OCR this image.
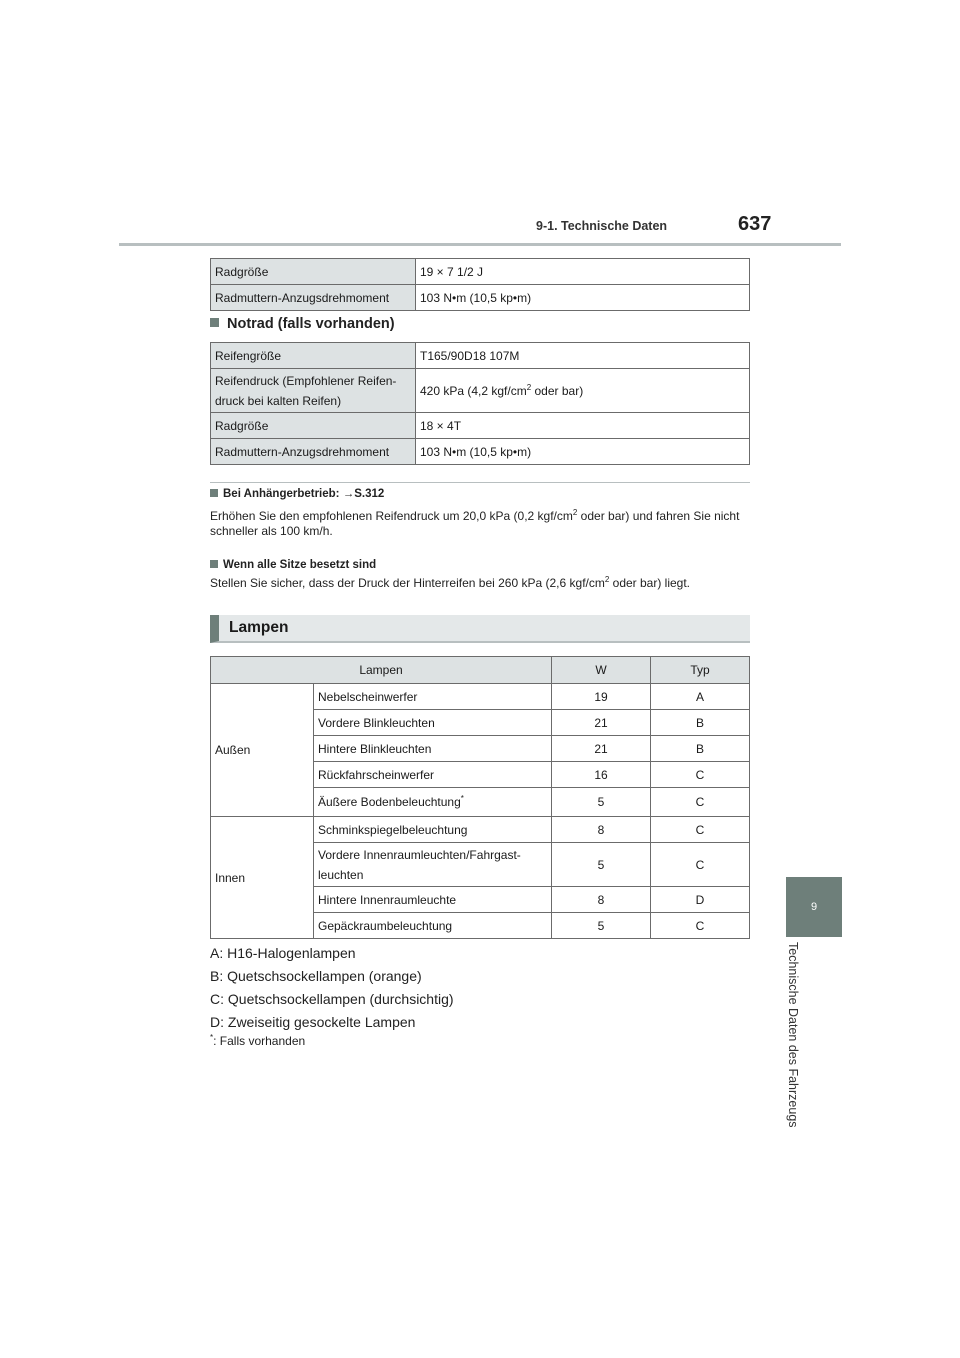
9-1. Technische Daten	637
9
Technische Daten des Fahrzeugs
Radgröße	19 × 7 1/2 J
Radmuttern-Anzugsdrehmoment	103 N•m (10,5 kp•m)
Notrad (falls vorhanden)
Reifengröße	T165/90D18 107M

Reifendruck (Empfohlener Reifen-
druck bei kalten Reifen)	420 kPa (4,2 kgf/$cm^2$ oder bar)
Radgröße	18 × 4T
Radmuttern-Anzugsdrehmoment	103 N•m (10,5 kp•m)
Bei Anhängerbetrieb: →S.312
Erhöhen Sie den empfohlenen Reifendruck um 20,0 kPa (0,2 kgf/$cm^2$ oder bar) und fahren Sie nicht schneller als 100 km/h.
Wenn alle Sitze besetzt sind
Stellen Sie sicher, dass der Druck der Hinterreifen bei 260 kPa (2,6 kgf/$cm^2$ oder bar) liegt.
Lampen
Lampen		W	Typ
Außen	Nebelscheinwerfer	19	A
	Vordere Blinkleuchten	21	B
	Hintere Blinkleuchten	21	B
	Rückfahrscheinwerfer	16	C
	Äußere Bodenbeleuchtung*	5	C
Innen	Schminkspiegelbeleuchtung	8	C

	Vordere Innenraumleuchten/Fahrgast-
leuchten	5	C
	Hintere Innenraumleuchte	8	D
	Gepäckraumbeleuchtung	5	C
A: H16-Halogenlampen
B: Quetschsockellampen (orange)
C: Quetschsockellampen (durchsichtig)
D: Zweiseitig gesockelte Lampen
*: Falls vorhanden
